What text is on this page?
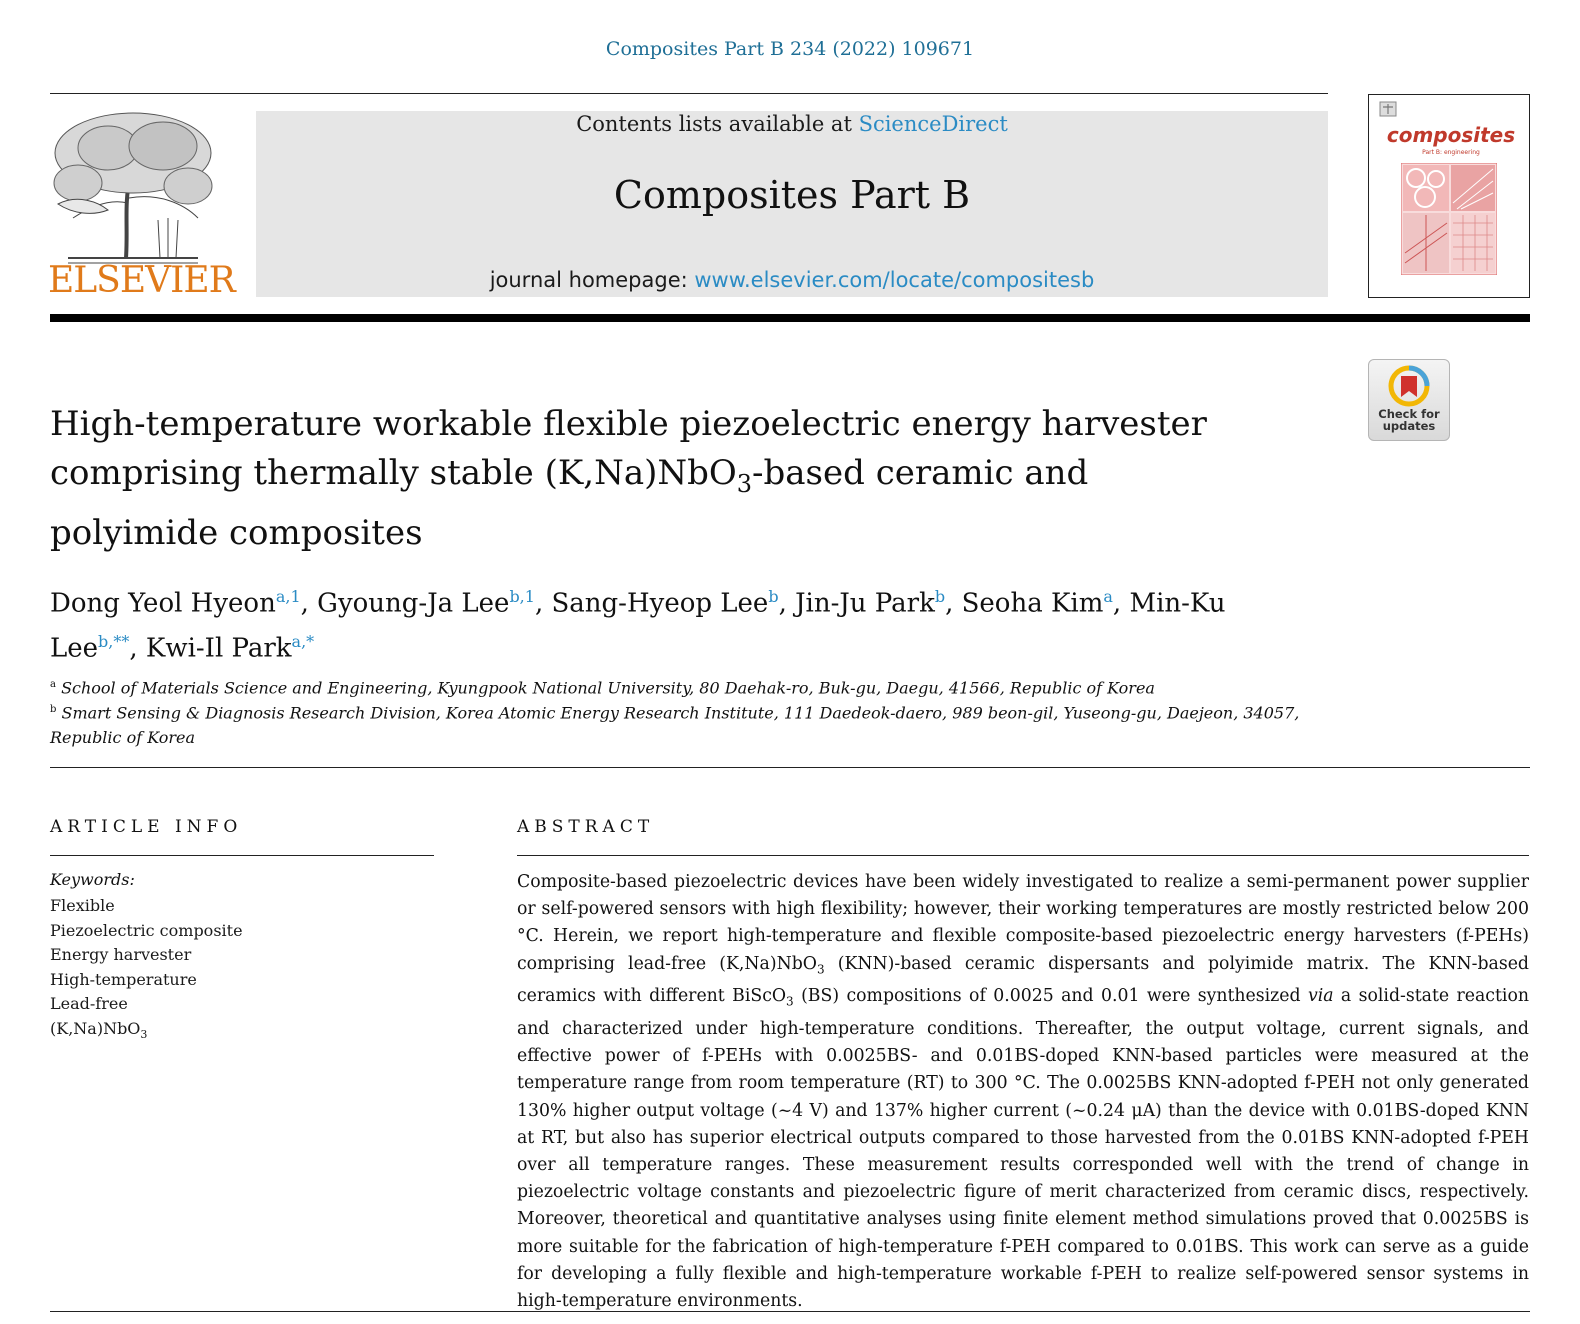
Composites Part B 234 (2022) 109671
ELSEVIER
Contents lists available at ScienceDirect
Composites Part B
journal homepage: www.elsevier.com/locate/compositesb
composites
Part B: engineering
Check for updates
High-temperature workable flexible piezoelectric energy harvester
comprising thermally stable (K,Na)NbO$_3$-based ceramic and
polyimide composites
Dong Yeol Hyeon$^{a,1}$, Gyoung-Ja Lee$^{b,1}$, Sang-Hyeop Lee$^b$, Jin-Ju Park$^b$, Seoha Kim$^a$, Min-Ku Lee$^{b,**}$, Kwi-Il Park$^{a,*}$
$^a$ School of Materials Science and Engineering, Kyungpook National University, 80 Daehak-ro, Buk-gu, Daegu, 41566, Republic of Korea
$^b$ Smart Sensing & Diagnosis Research Division, Korea Atomic Energy Research Institute, 111 Daedeok-daero, 989 beon-gil, Yuseong-gu, Daejeon, 34057, Republic of Korea
ARTICLE INFO
Keywords:
Flexible
Piezoelectric composite
Energy harvester
High-temperature
Lead-free
(K,Na)NbO$_3$
ABSTRACT
Composite-based piezoelectric devices have been widely investigated to realize a semi-permanent power supplier or self-powered sensors with high flexibility; however, their working temperatures are mostly restricted below 200 °C. Herein, we report high-temperature and flexible composite-based piezoelectric energy harvesters (f-PEHs) comprising lead-free (K,Na)NbO$_3$ (KNN)-based ceramic dispersants and polyimide matrix. The KNN-based ceramics with different BiScO$_3$ (BS) compositions of 0.0025 and 0.01 were synthesized via a solid-state reaction and characterized under high-temperature conditions. Thereafter, the output voltage, current signals, and effective power of f-PEHs with 0.0025BS- and 0.01BS-doped KNN-based particles were measured at the temperature range from room temperature (RT) to 300 °C. The 0.0025BS KNN-adopted f-PEH not only generated 130% higher output voltage (~4 V) and 137% higher current (~0.24 μA) than the device with 0.01BS-doped KNN at RT, but also has superior electrical outputs compared to those harvested from the 0.01BS KNN-adopted f-PEH over all temperature ranges. These measurement results corresponded well with the trend of change in piezoelectric voltage constants and piezoelectric figure of merit characterized from ceramic discs, respectively. Moreover, theoretical and quantitative analyses using finite element method simulations proved that 0.0025BS is more suitable for the fabrication of high-temperature f-PEH compared to 0.01BS. This work can serve as a guide for developing a fully flexible and high-temperature workable f-PEH to realize self-powered sensor systems in high-temperature environments.
